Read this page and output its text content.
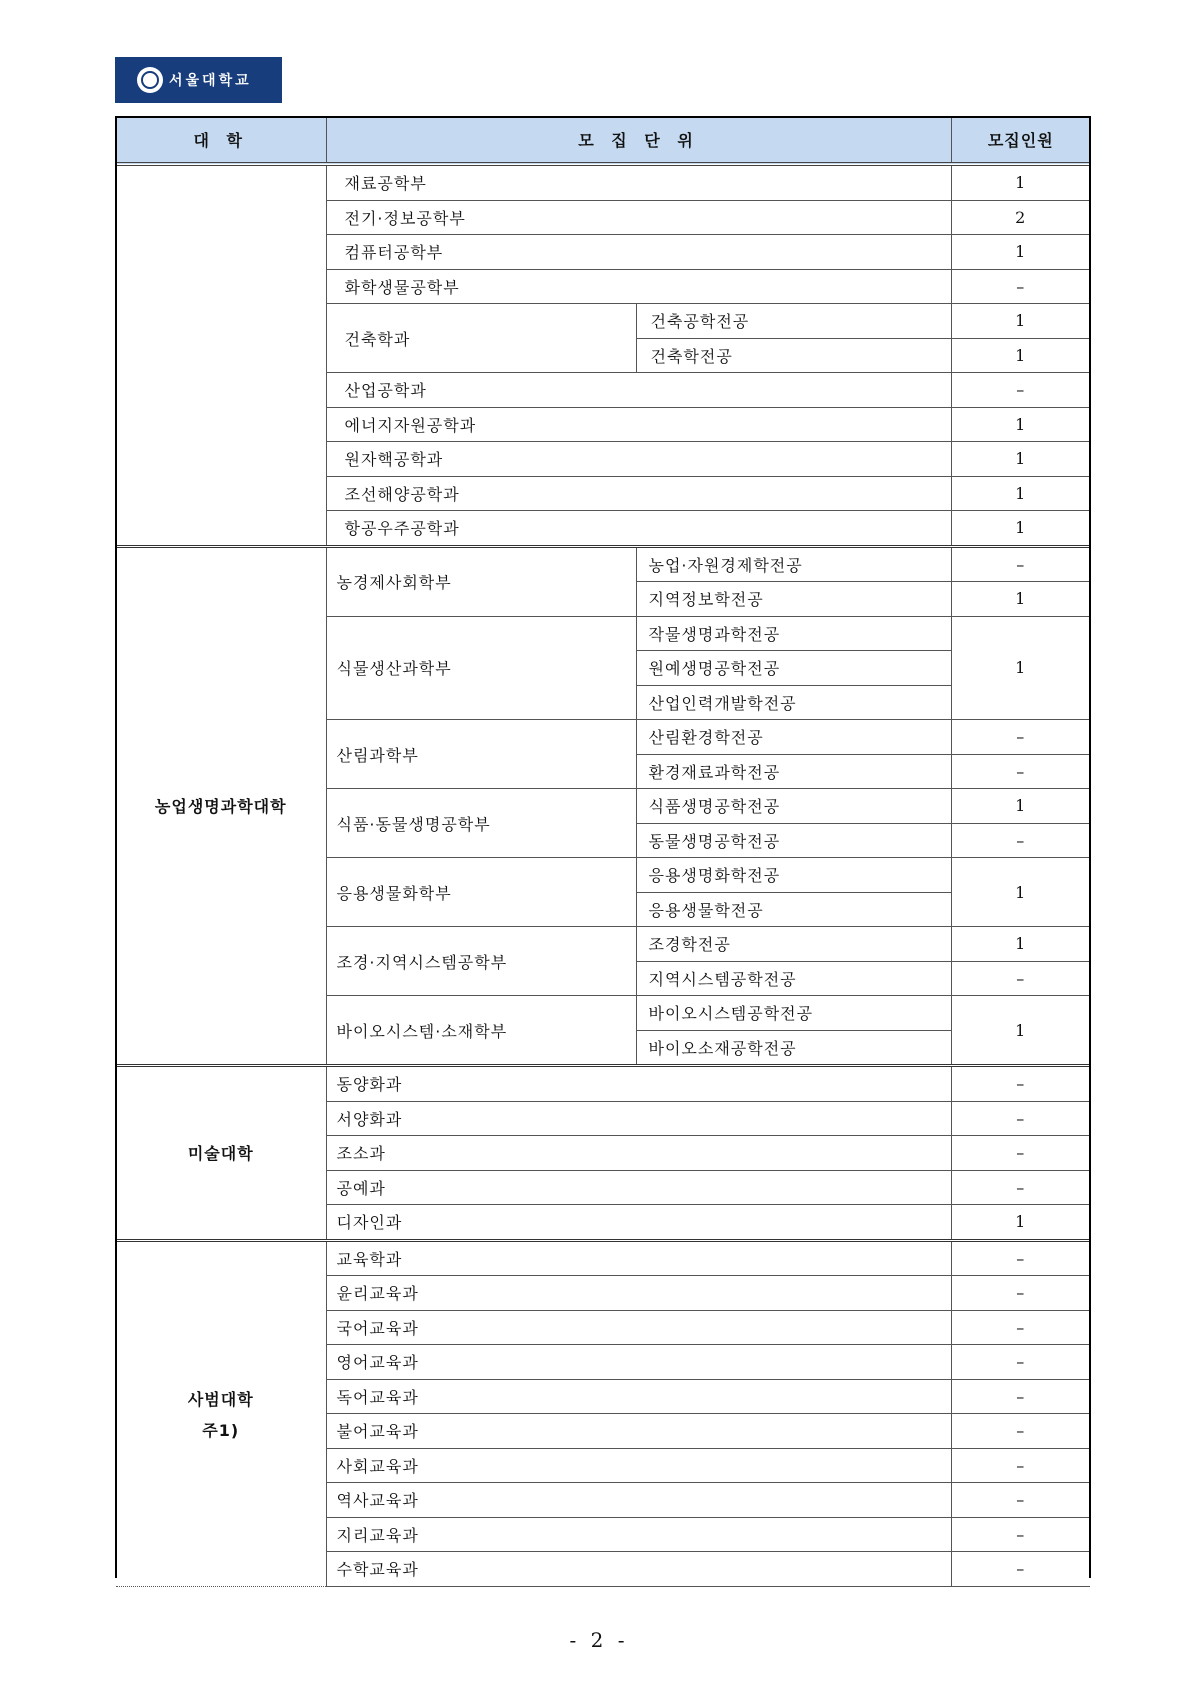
서울대학교
대 학	모 집 단 위		모집인원
	재료공학부		1
	전기·정보공학부		2
	컴퓨터공학부		1
	화학생물공학부		–
	건축학과	건축공학전공	1
		건축학전공	1
	산업공학과		–
	에너지자원공학과		1
	원자핵공학과		1
	조선해양공학과		1
	항공우주공학과		1
농업생명과학대학	농경제사회학부	농업·자원경제학전공	–
		지역정보학전공	1
	식물생산과학부	작물생명과학전공	1
		원예생명공학전공	
		산업인력개발학전공	
	산림과학부	산림환경학전공	–
		환경재료과학전공	–
	식품·동물생명공학부	식품생명공학전공	1
		동물생명공학전공	–
	응용생물화학부	응용생명화학전공	1
		응용생물학전공	
	조경·지역시스템공학부	조경학전공	1
		지역시스템공학전공	–
	바이오시스템·소재학부	바이오시스템공학전공	1
		바이오소재공학전공	
미술대학	동양화과		–
	서양화과		–
	조소과		–
	공예과		–
	디자인과		1

사범대학
주1)	교육학과		–
	윤리교육과		–
	국어교육과		–
	영어교육과		–
	독어교육과		–
	불어교육과		–
	사회교육과		–
	역사교육과		–
	지리교육과		–
	수학교육과		–
- 2 -
